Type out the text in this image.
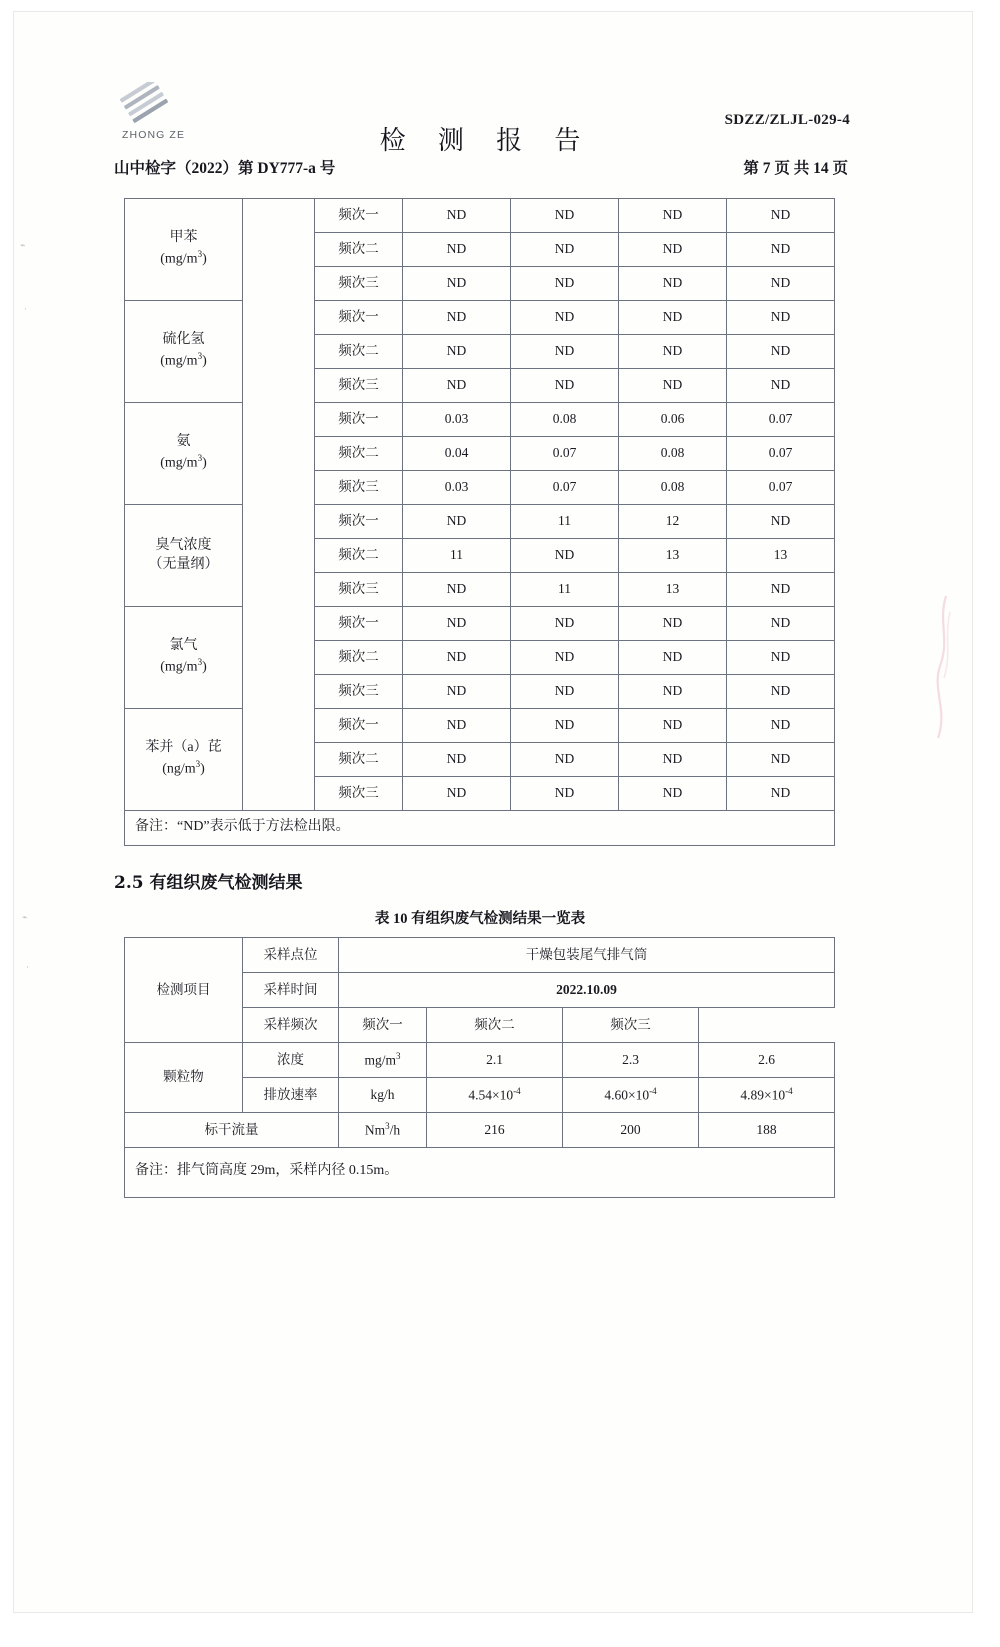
⌁
·
⌁
·
ZHONG ZE
SDZZ/ZLJL-029-4
检 测 报 告
山中检字（2022）第 DY777-a 号	第 7 页 共 14 页
甲苯
$(mg/m^3)$		频次一	ND	ND	ND	ND
		频次二	ND	ND	ND	ND
		频次三	ND	ND	ND	ND

硫化氢
$(mg/m^3)$		频次一	ND	ND	ND	ND
		频次二	ND	ND	ND	ND
		频次三	ND	ND	ND	ND

氨
$(mg/m^3)$		频次一	0.03	0.08	0.06	0.07
		频次二	0.04	0.07	0.08	0.07
		频次三	0.03	0.07	0.08	0.07

臭气浓度
（无量纲）		频次一	ND	11	12	ND
		频次二	11	ND	13	13
		频次三	ND	11	13	ND

氯气
$(mg/m^3)$		频次一	ND	ND	ND	ND
		频次二	ND	ND	ND	ND
		频次三	ND	ND	ND	ND

苯并（a）芘
$(ng/m^3)$		频次一	ND	ND	ND	ND
		频次二	ND	ND	ND	ND
		频次三	ND	ND	ND	ND
备注：“ND”表示低于方法检出限。						
2.5 有组织废气检测结果
表 10 有组织废气检测结果一览表
检测项目	采样点位	干燥包装尾气排气筒			
	采样时间	2022.10.09			
	采样频次	频次一	频次二	频次三	
颗粒物	浓度	$mg/m^3$	2.1	2.3	2.6
	排放速率	kg/h	$4.54\times 10^{-4}$	$4.60\times 10^{-4}$	$4.89\times 10^{-4}$
标干流量		Nm$^3$/h	216	200	188
备注：排气筒高度 29m，采样内径 0.15m。					
